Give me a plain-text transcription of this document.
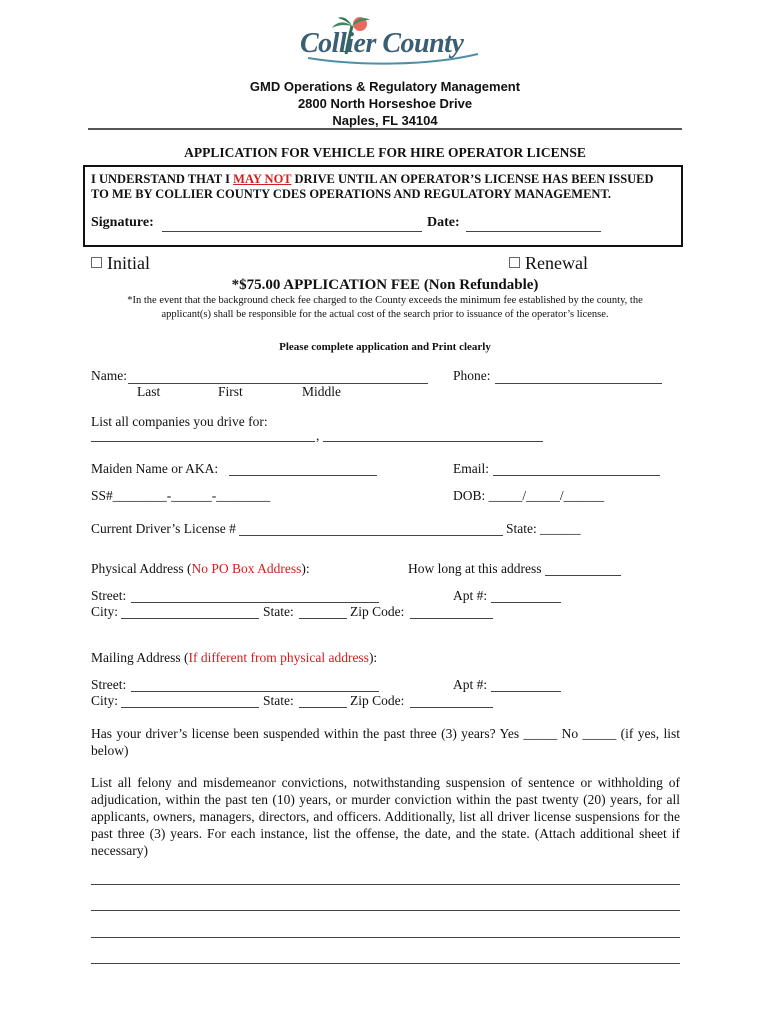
Collier County
GMD Operations & Regulatory Management
2800 North Horseshoe Drive
Naples, FL 34104
APPLICATION FOR VEHICLE FOR HIRE OPERATOR LICENSE
I UNDERSTAND THAT I MAY NOT DRIVE UNTIL AN OPERATOR’S LICENSE HAS BEEN ISSUED
TO ME BY COLLIER COUNTY CDES OPERATIONS AND REGULATORY MANAGEMENT.
Signature:	Date:
Initial	Renewal
*$75.00 APPLICATION FEE (Non Refundable)
*In the event that the background check fee charged to the County exceeds the minimum fee established by the county, the
applicant(s) shall be responsible for the actual cost of the search prior to issuance of the operator’s license.
Please complete application and Print clearly
Name:	Phone:
Last	First	Middle
List all companies you drive for:
,
Maiden Name or AKA:	Email:
SS#________-______-________	DOB: _____/_____/______
Current Driver’s License #	State: ______
Physical Address (No PO Box Address):	How long at this address
Street:	Apt #:
City:	State:	Zip Code:
Mailing Address (If different from physical address):
Street:	Apt #:
City:	State:	Zip Code:
Has your driver’s license been suspended within the past three (3) years? Yes _____ No _____ (if yes, list below)
List all felony and misdemeanor convictions, notwithstanding suspension of sentence or withholding of adjudication, within the past ten (10) years, or murder conviction within the past twenty (20) years, for all applicants, owners, managers, directors, and officers. Additionally, list all driver license suspensions for the past three (3) years. For each instance, list the offense, the date, and the state. (Attach additional sheet if necessary)
